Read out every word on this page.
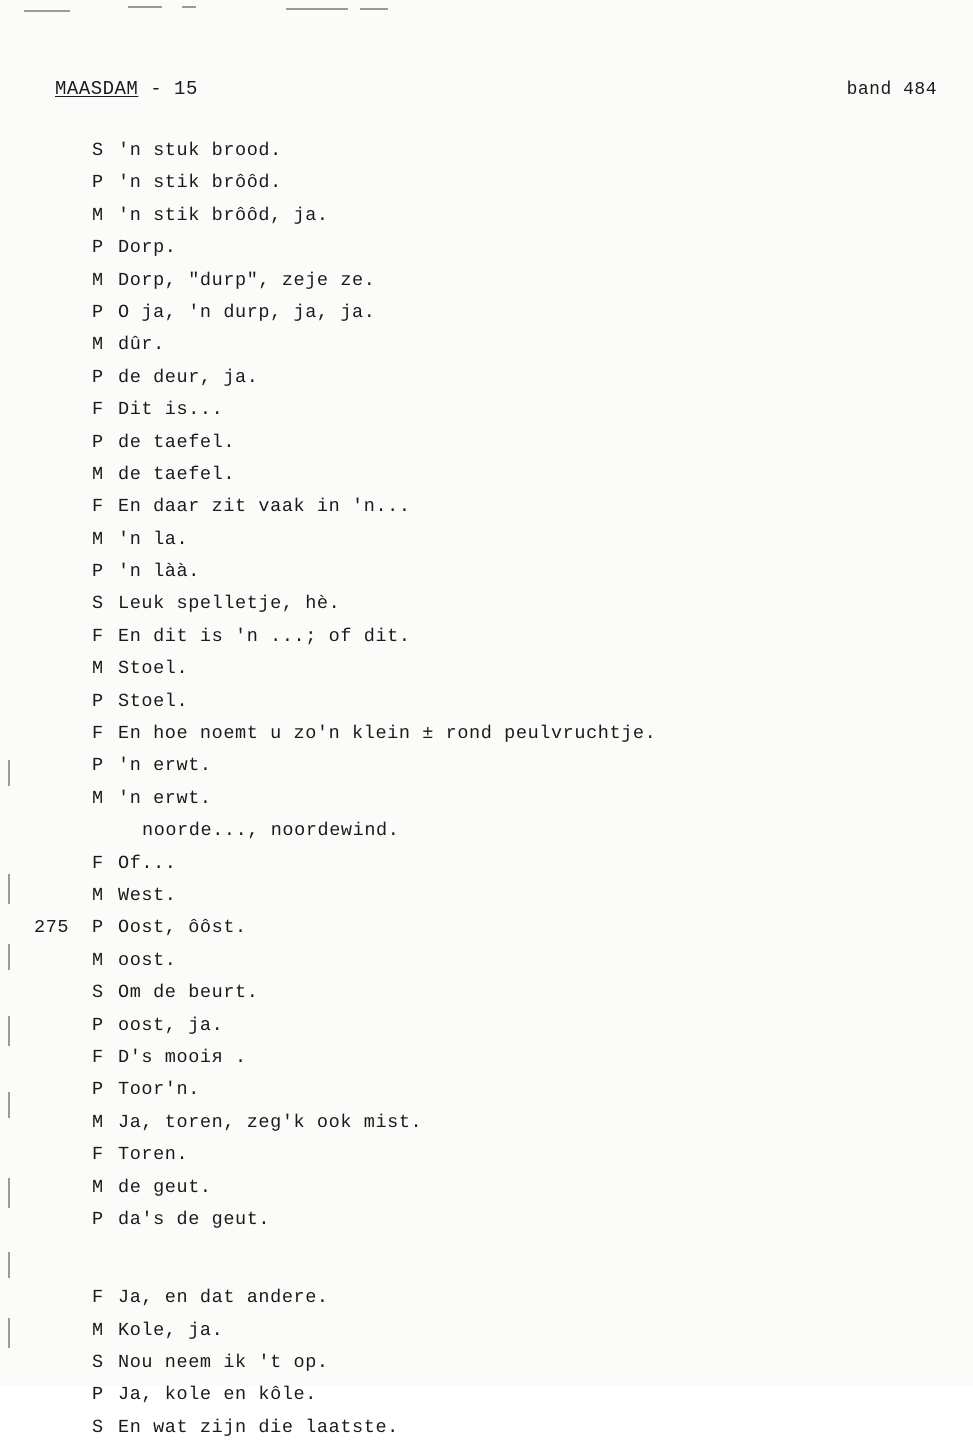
MAASDAM - 15	band 484
S 'n stuk brood.
P 'n stik brôôd.
M 'n stik brôôd, ja.
P Dorp.
M Dorp, "durp", zeje ze.
P O ja, 'n durp, ja, ja.
M dûr.
P de deur, ja.
F Dit is...
P de taefel.
M de taefel.
F En daar zit vaak in 'n...
M 'n la.
P 'n làà.
S Leuk spelletje, hè.
F En dit is 'n ...; of dit.
M Stoel.
P Stoel.
F En hoe noemt u zo'n klein ± rond peulvruchtje.
P 'n erwt.
M 'n erwt.
noorde..., noordewind.
F Of...
M West.
275	P Oost, ôôst.
M oost.
S Om de beurt.
P oost, ja.
F D's mooiя .
P Toor'n.
M Ja, toren, zeg'k ook mist.
F Toren.
M de geut.
P da's de geut.
F Ja, en dat andere.
M Kole, ja.
S Nou neem ik 't op.
P Ja, kole en kôle.
S En wat zijn die laatste.
